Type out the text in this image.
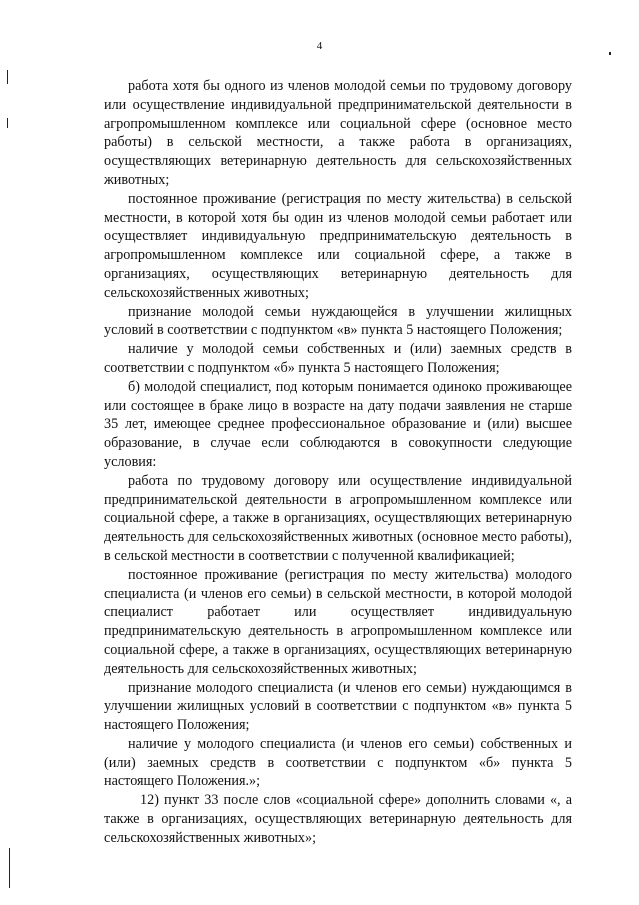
4

работа хотя бы одного из членов молодой семьи по трудовому договору или осуществление индивидуальной предпринимательской деятельности в агропромышленном комплексе или социальной сфере (основное место работы) в сельской местности, а также работа в организациях, осуществляющих ветеринарную деятельность для сельскохозяйственных животных;

постоянное проживание (регистрация по месту жительства) в сельской местности, в которой хотя бы один из членов молодой семьи работает или осуществляет индивидуальную предпринимательскую деятельность в агропромышленном комплексе или социальной сфере, а также в организациях, осуществляющих ветеринарную деятельность для сельскохозяйственных животных;

признание молодой семьи нуждающейся в улучшении жилищных условий в соответствии с подпунктом «в» пункта 5 настоящего Положения;

наличие у молодой семьи собственных и (или) заемных средств в соответствии с подпунктом «б» пункта 5 настоящего Положения;

б) молодой специалист, под которым понимается одиноко проживающее или состоящее в браке лицо в возрасте на дату подачи заявления не старше 35 лет, имеющее среднее профессиональное образование и (или) высшее образование, в случае если соблюдаются в совокупности следующие условия:

работа по трудовому договору или осуществление индивидуальной предпринимательской деятельности в агропромышленном комплексе или социальной сфере, а также в организациях, осуществляющих ветеринарную деятельность для сельскохозяйственных животных (основное место работы), в сельской местности в соответствии с полученной квалификацией;

постоянное проживание (регистрация по месту жительства) молодого специалиста (и членов его семьи) в сельской местности, в которой молодой специалист работает или осуществляет индивидуальную предпринимательскую деятельность в агропромышленном комплексе или социальной сфере, а также в организациях, осуществляющих ветеринарную деятельность для сельскохозяйственных животных;

признание молодого специалиста (и членов его семьи) нуждающимся в улучшении жилищных условий в соответствии с подпунктом «в» пункта 5 настоящего Положения;

наличие у молодого специалиста (и членов его семьи) собственных и (или) заемных средств в соответствии с подпунктом «б» пункта 5 настоящего Положения.»;

12) пункт 33 после слов «социальной сфере» дополнить словами «, а также в организациях, осуществляющих ветеринарную деятельность для сельскохозяйственных животных»;
